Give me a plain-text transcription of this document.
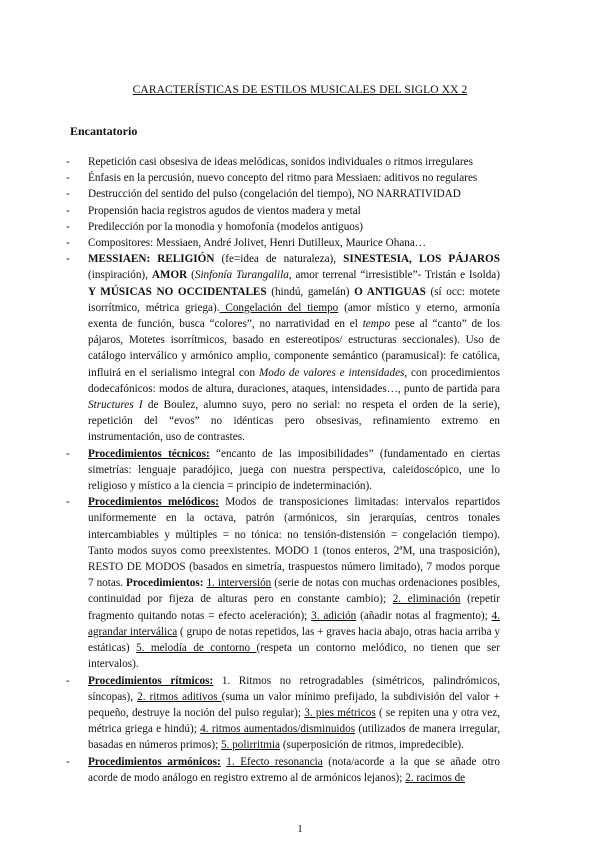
CARACTERÍSTICAS DE ESTILOS MUSICALES DEL SIGLO XX 2
Encantatorio
- Repetición casi obsesiva de ideas melódicas, sonidos individuales o ritmos irregulares
- Énfasis en la percusión, nuevo concepto del ritmo para Messiaen: aditivos no regulares
- Destrucción del sentido del pulso (congelación del tiempo), NO NARRATIVIDAD
- Propensión hacia registros agudos de vientos madera y metal
- Predilección por la monodia y homofonía (modelos antiguos)
- Compositores: Messiaen, André Jolivet, Henri Dutilleux, Maurice Ohana…
- MESSIAEN: RELIGIÓN (fe=idea de naturaleza), SINESTESIA, LOS PÁJAROS (inspiración), AMOR (Sinfonía Turangalila, amor terrenal “irresistible”- Tristán e Isolda) Y MÚSICAS NO OCCIDENTALES (hindú, gamelán) O ANTIGUAS (sí occ: motete isorrítmico, métrica griega). Congelación del tiempo (amor místico y eterno, armonía exenta de función, busca “colores”, no narratividad en el tempo pese al “canto” de los pájaros, Motetes isorrítmicos, basado en estereotipos/ estructuras seccionales). Uso de catálogo interválico y armónico amplio, componente semántico (paramusical): fe católica, influirá en el serialismo integral con Modo de valores e intensidades, con procedimientos dodecafónicos: modos de altura, duraciones, ataques, intensidades…, punto de partida para Structures I de Boulez, alumno suyo, pero no serial: no respeta el orden de la serie), repetición del “evos” no idénticas pero obsesivas, refinamiento extremo en instrumentación, uso de contrastes.
- Procedimientos técnicos: “encanto de las imposibilidades” (fundamentado en ciertas simetrías: lenguaje paradójico, juega con nuestra perspectiva, caleidoscópico, une lo religioso y místico a la ciencia = principio de indeterminación).
- Procedimientos melódicos: Modos de transposiciones limitadas: intervalos repartidos uniformemente en la octava, patrón (armónicos, sin jerarquías, centros tonales intercambiables y múltiples = no tónica: no tensión-distensión = congelación tiempo). Tanto modos suyos como preexistentes. MODO 1 (tonos enteros, 2ªM, una trasposición), RESTO DE MODOS (basados en simetría, traspuestos número limitado), 7 modos porque 7 notas. Procedimientos: 1. interversión (serie de notas con muchas ordenaciones posibles, continuidad por fijeza de alturas pero en constante cambio); 2. eliminación (repetir fragmento quitando notas = efecto aceleración); 3. adición (añadir notas al fragmento); 4. agrandar interválica ( grupo de notas repetidos, las + graves hacia abajo, otras hacia arriba y estáticas) 5. melodía de contorno (respeta un contorno melódico, no tienen que ser intervalos).
- Procedimientos rítmicos: 1. Ritmos no retrogradables (simétricos, palindrómicos, síncopas), 2. ritmos aditivos (suma un valor mínimo prefijado, la subdivisión del valor + pequeño, destruye la noción del pulso regular); 3. pies métricos ( se repiten una y otra vez, métrica griega e hindú); 4. ritmos aumentados/disminuidos (utilizados de manera irregular, basadas en números primos); 5. polirritmia (superposición de ritmos, impredecible).
- Procedimientos armónicos: 1. Efecto resonancia (nota/acorde a la que se añade otro acorde de modo análogo en registro extremo al de armónicos lejanos); 2. racimos de
1
